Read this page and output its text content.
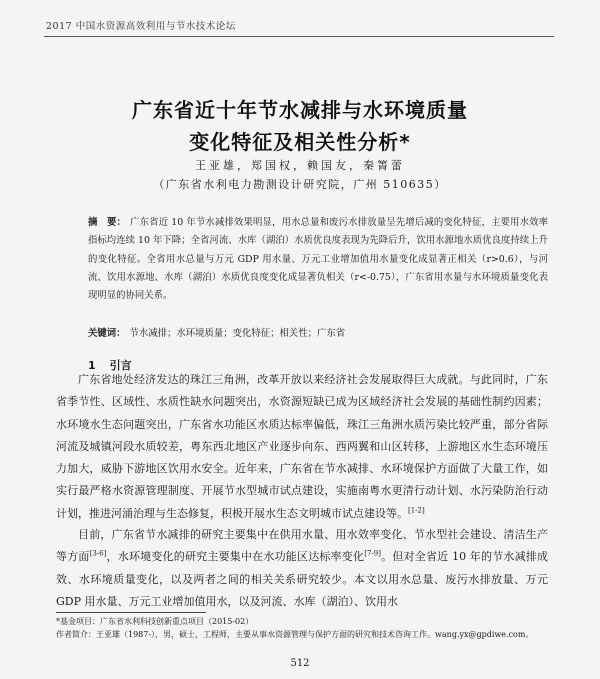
2017 中国水资源高效利用与节水技术论坛
广东省近十年节水减排与水环境质量
变化特征及相关性分析*
王亚雄，郑国权，赖国友，秦箐蕾
（广东省水利电力勘测设计研究院，广州 510635）
摘　要： 广东省近 10 年节水减排效果明显，用水总量和废污水排放量呈先增后减的变化特征，主要用水效率指标均连续 10 年下降；全省河流、水库（湖泊）水质优良度表现为先降后升，饮用水源地水质优良度持续上升的变化特征。全省用水总量与万元 GDP 用水量、万元工业增加值用水量变化成显著正相关（r>0.6），与河流、饮用水源地、水库（湖泊）水质优良度变化成显著负相关（r<-0.75），广东省用水量与水环境质量变化表现明显的协同关系。
关键词： 节水减排；水环境质量；变化特征；相关性；广东省
1 引言

广东省地处经济发达的珠江三角洲，改革开放以来经济社会发展取得巨大成就。与此同时，广东省季节性、区域性、水质性缺水问题突出，水资源短缺已成为区域经济社会发展的基础性制约因素；水环境水生态问题突出，广东省水功能区水质达标率偏低，珠江三角洲水质污染比较严重，部分省际河流及城镇河段水质较差，粤东西北地区产业逐步向东、西两翼和山区转移，上游地区水生态环境压力加大，威胁下游地区饮用水安全。近年来，广东省在节水减排、水环境保护方面做了大量工作，如实行最严格水资源管理制度、开展节水型城市试点建设，实施南粤水更清行动计划、水污染防治行动计划，推进河涌治理与生态修复，积极开展水生态文明城市试点建设等。[1-2]

目前，广东省节水减排的研究主要集中在供用水量、用水效率变化、节水型社会建设、清洁生产等方面[3-6]，水环境变化的研究主要集中在水功能区达标率变化[7-9]。但对全省近 10 年的节水减排成效、水环境质量变化，以及两者之间的相关关系研究较少。本文以用水总量、废污水排放量、万元 GDP 用水量、万元工业增加值用水，以及河流、水库（湖泊）、饮用水

*基金项目：广东省水利科技创新重点项目（2015-02）
作者简介：王亚雄（1987-），男，硕士，工程师，主要从事水资源管理与保护方面的研究和技术咨询工作。wang.yx@gpdiwe.com。
512
